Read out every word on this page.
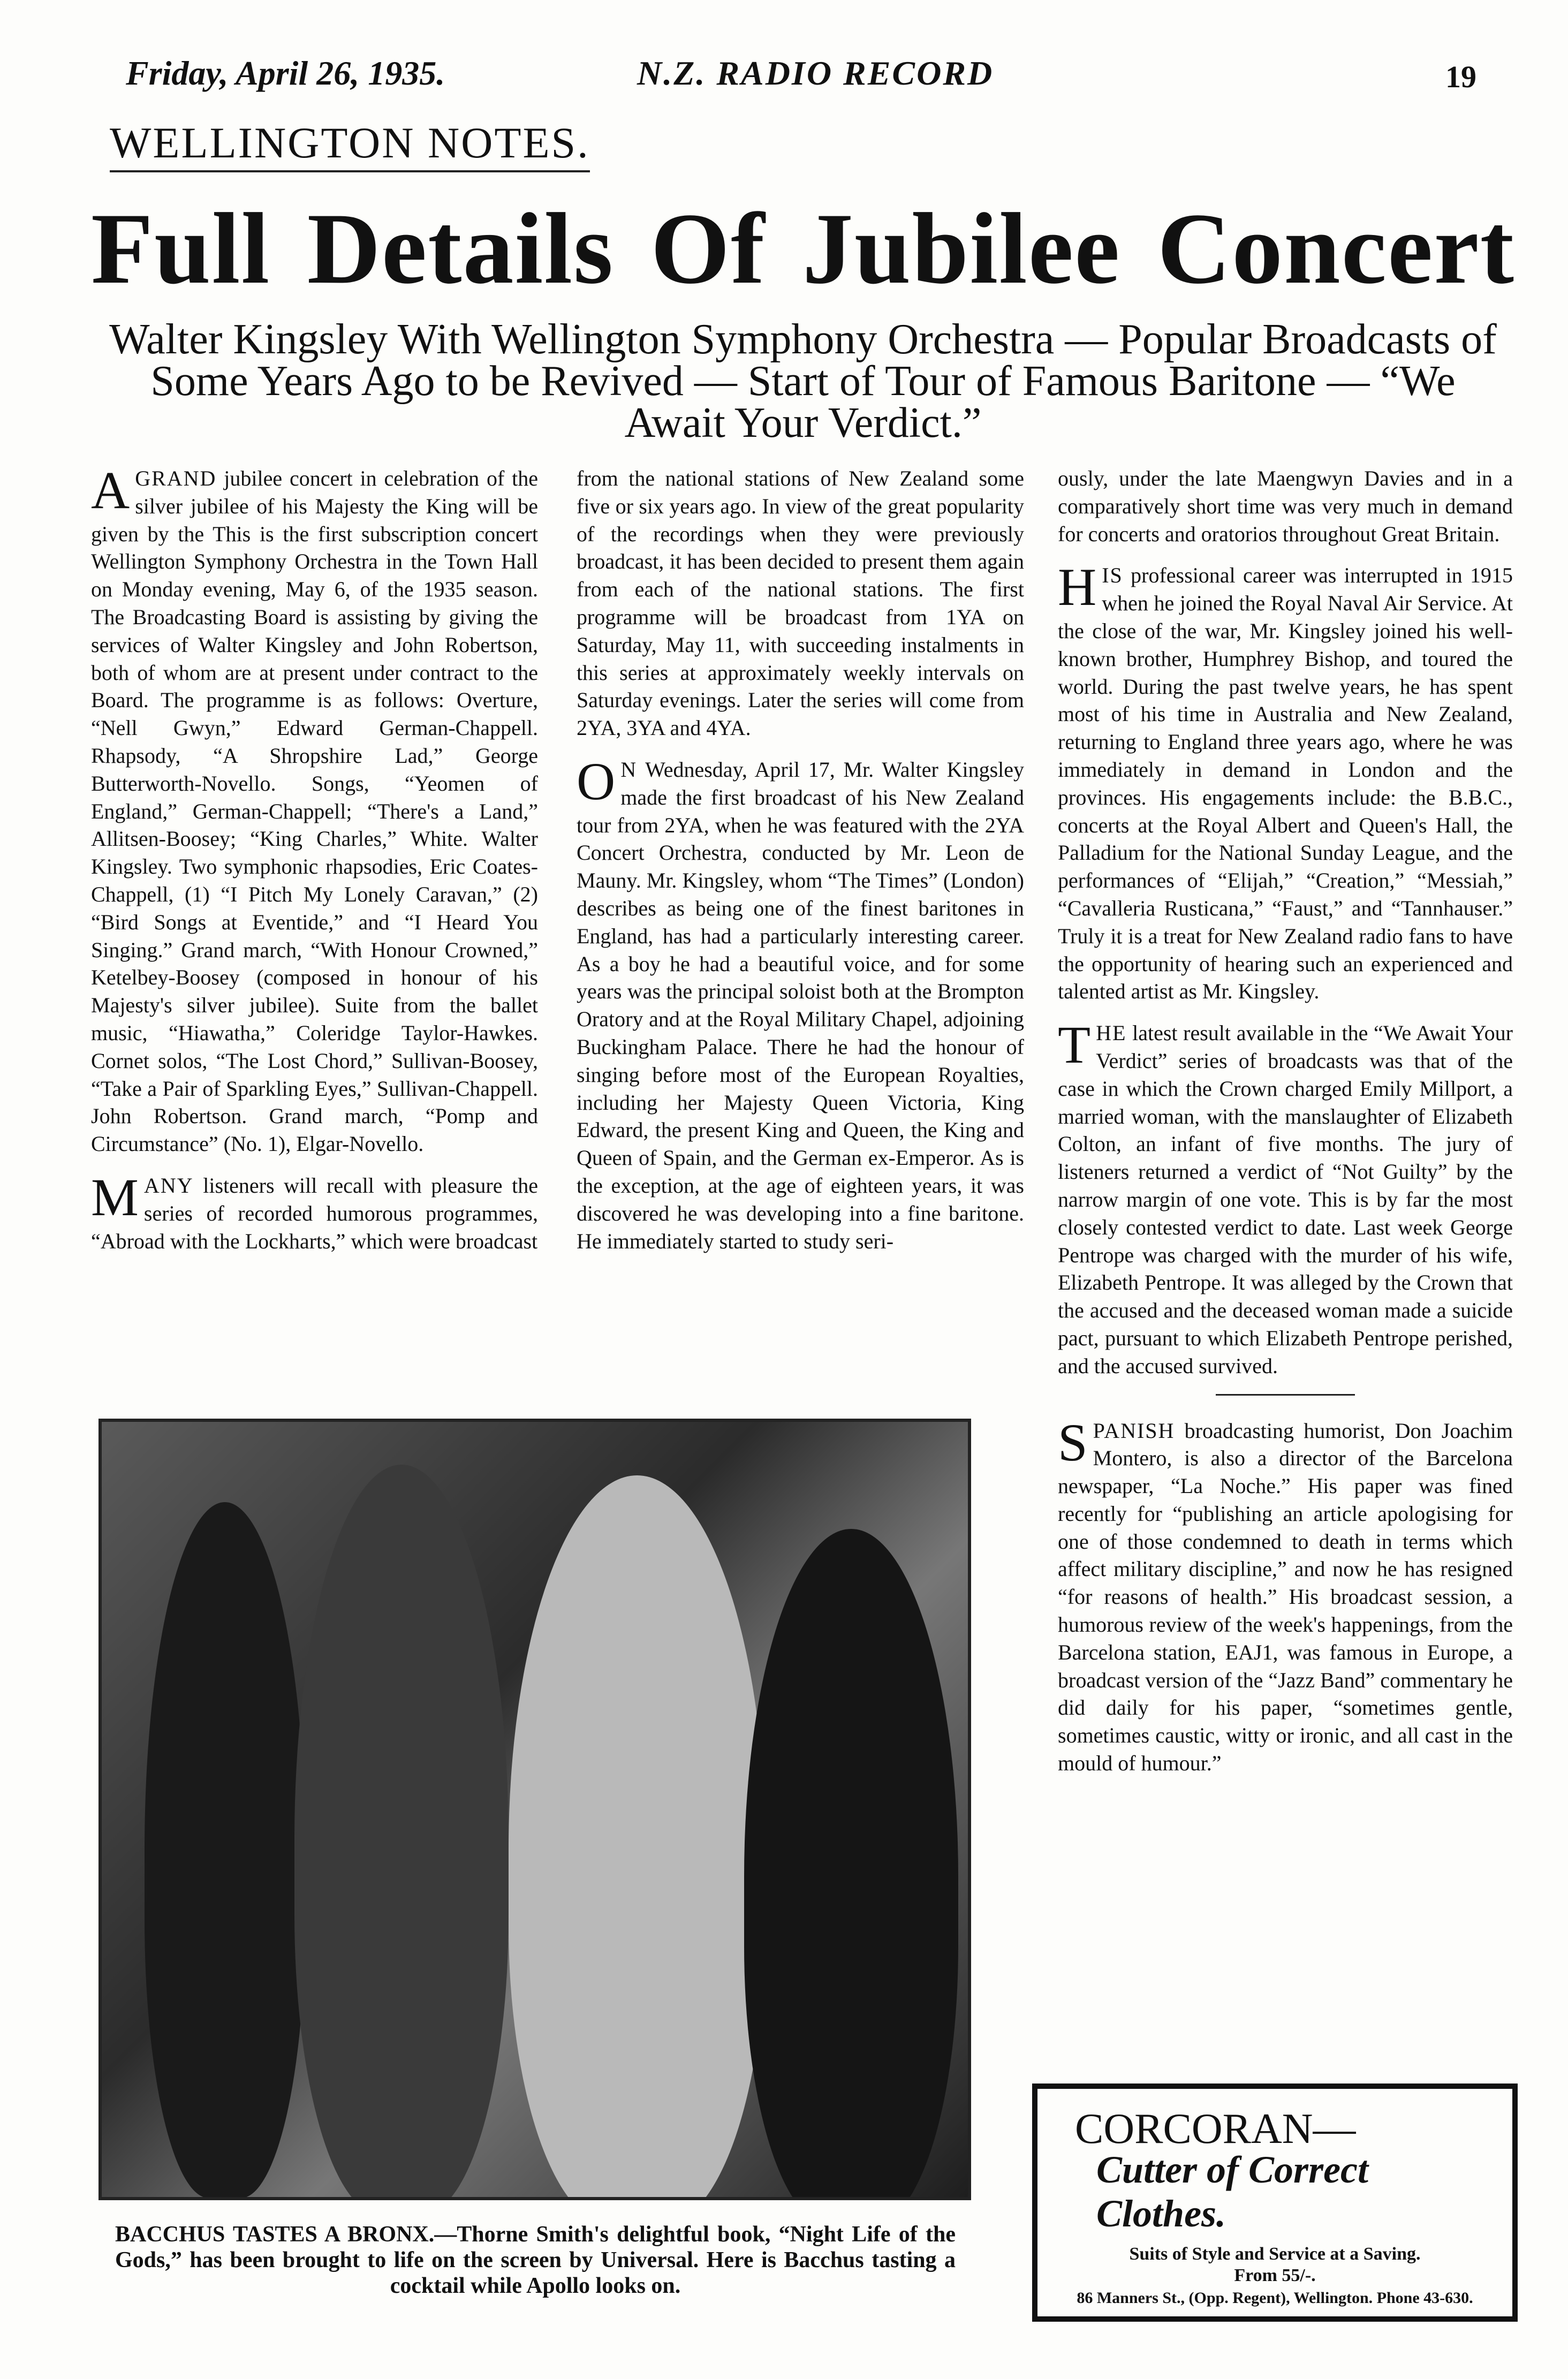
Friday, April 26, 1935.	N.Z. RADIO RECORD	19
WELLINGTON NOTES.
Full Details Of Jubilee Concert
Walter Kingsley With Wellington Symphony Orchestra — Popular Broadcasts of Some Years Ago to be Revived — Start of Tour of Famous Baritone — “We Await Your Verdict.”

AGRAND jubilee concert in celebration of the silver jubilee of his Majesty the King will be given by the This is the first subscription concert Wellington Symphony Orchestra in the Town Hall on Monday evening, May 6, of the 1935 season. The Broadcasting Board is assisting by giving the services of Walter Kingsley and John Robertson, both of whom are at present under contract to the Board. The programme is as follows: Overture, “Nell Gwyn,” Edward German-Chappell. Rhapsody, “A Shropshire Lad,” George Butterworth-Novello. Songs, “Yeomen of England,” German-Chappell; “There's a Land,” Allitsen-Boosey; “King Charles,” White. Walter Kingsley. Two symphonic rhapsodies, Eric Coates-Chappell, (1) “I Pitch My Lonely Caravan,” (2) “Bird Songs at Eventide,” and “I Heard You Singing.” Grand march, “With Honour Crowned,” Ketelbey-Boosey (composed in honour of his Majesty's silver jubilee). Suite from the ballet music, “Hiawatha,” Coleridge Taylor-Hawkes. Cornet solos, “The Lost Chord,” Sullivan-Boosey, “Take a Pair of Sparkling Eyes,” Sullivan-Chappell. John Robertson. Grand march, “Pomp and Circumstance” (No. 1), Elgar-Novello.

MANY listeners will recall with pleasure the series of recorded humorous programmes, “Abroad with the Lockharts,” which were broadcast

from the national stations of New Zealand some five or six years ago. In view of the great popularity of the recordings when they were previously broadcast, it has been decided to present them again from each of the national stations. The first programme will be broadcast from 1YA on Saturday, May 11, with succeeding instalments in this series at approximately weekly intervals on Saturday evenings. Later the series will come from 2YA, 3YA and 4YA.

O N Wednesday, April 17, Mr. Walter Kingsley made the first broadcast of his New Zealand tour from 2YA, when he was featured with the 2YA Concert Orchestra, conducted by Mr. Leon de Mauny. Mr. Kingsley, whom “The Times” (London) describes as being one of the finest baritones in England, has had a particularly interesting career. As a boy he had a beautiful voice, and for some years was the principal soloist both at the Brompton Oratory and at the Royal Military Chapel, adjoining Buckingham Palace. There he had the honour of singing before most of the European Royalties, including her Majesty Queen Victoria, King Edward, the present King and Queen, the King and Queen of Spain, and the German ex-Emperor. As is the exception, at the age of eighteen years, it was discovered he was developing into a fine baritone. He immediately started to study seri-

ously, under the late Maengwyn Davies and in a comparatively short time was very much in demand for concerts and oratorios throughout Great Britain.

HIS professional career was interrupted in 1915 when he joined the Royal Naval Air Service. At the close of the war, Mr. Kingsley joined his well-known brother, Humphrey Bishop, and toured the world. During the past twelve years, he has spent most of his time in Australia and New Zealand, returning to England three years ago, where he was immediately in demand in London and the provinces. His engagements include: the B.B.C., concerts at the Royal Albert and Queen's Hall, the Palladium for the National Sunday League, and the performances of “Elijah,” “Creation,” “Messiah,” “Cavalleria Rusticana,” “Faust,” and “Tannhauser.” Truly it is a treat for New Zealand radio fans to have the opportunity of hearing such an experienced and talented artist as Mr. Kingsley.

THE latest result available in the “We Await Your Verdict” series of broadcasts was that of the case in which the Crown charged Emily Millport, a married woman, with the manslaughter of Elizabeth Colton, an infant of five months. The jury of listeners returned a verdict of “Not Guilty” by the narrow margin of one vote. This is by far the most closely contested verdict to date. Last week George Pentrope was charged with the murder of his wife, Elizabeth Pentrope. It was alleged by the Crown that the accused and the deceased woman made a suicide pact, pursuant to which Elizabeth Pentrope perished, and the accused survived.

SPANISH broadcasting humorist, Don Joachim Montero, is also a director of the Barcelona newspaper, “La Noche.” His paper was fined recently for “publishing an article apologising for one of those condemned to death in terms which affect military discipline,” and now he has resigned “for reasons of health.” His broadcast session, a humorous review of the week's happenings, from the Barcelona station, EAJ1, was famous in Europe, a broadcast version of the “Jazz Band” commentary he did daily for his paper, “sometimes gentle, sometimes caustic, witty or ironic, and all cast in the mould of humour.”

BACCHUS TASTES A BRONX.—Thorne Smith's delightful book, “Night Life of the Gods,” has been brought to life on the screen by Universal. Here is Bacchus tasting a cocktail while Apollo looks on.
CORCORAN—
Cutter of Correct Clothes.
Suits of Style and Service at a Saving.
From 55/-.
86 Manners St., (Opp. Regent), Wellington. Phone 43-630.
